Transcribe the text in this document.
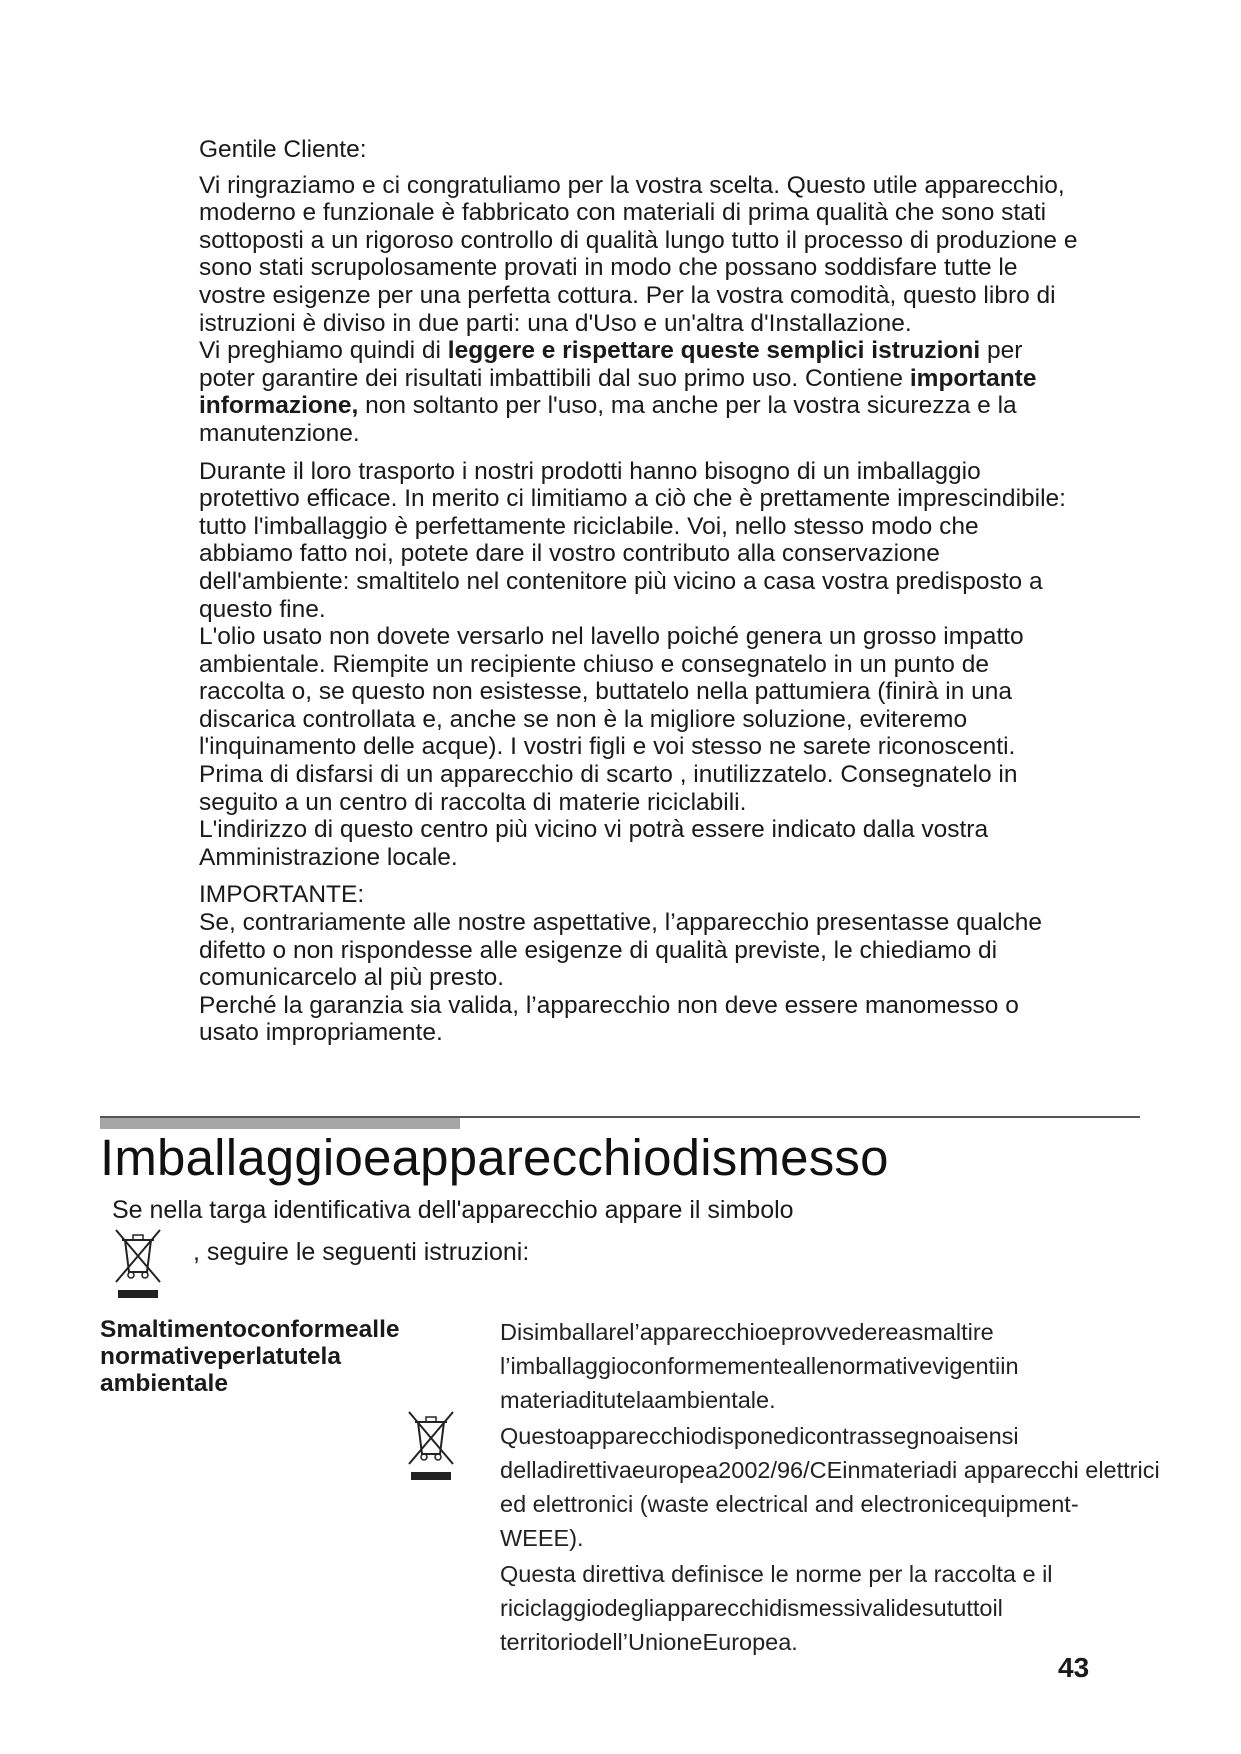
Gentile Cliente:

Vi ringraziamo e ci congratuliamo per la vostra scelta. Questo utile apparecchio, moderno e funzionale è fabbricato con materiali di prima qualità che sono stati sottoposti a un rigoroso controllo di qualità lungo tutto il processo di produzione e sono stati scrupolosamente provati in modo che possano soddisfare tutte le vostre esigenze per una perfetta cottura. Per la vostra comodità, questo libro di istruzioni è diviso in due parti: una d'Uso e un'altra d'Installazione.

Vi preghiamo quindi di leggere e rispettare queste semplici istruzioni per poter garantire dei risultati imbattibili dal suo primo uso. Contiene importante informazione, non soltanto per l'uso, ma anche per la vostra sicurezza e la manutenzione.

Durante il loro trasporto i nostri prodotti hanno bisogno di un imballaggio protettivo efficace. In merito ci limitiamo a ciò che è prettamente imprescindibile: tutto l'imballaggio è perfettamente riciclabile. Voi, nello stesso modo che abbiamo fatto noi, potete dare il vostro contributo alla conservazione dell'ambiente: smaltitelo nel contenitore più vicino a casa vostra predisposto a questo fine.

L'olio usato non dovete versarlo nel lavello poiché genera un grosso impatto ambientale. Riempite un recipiente chiuso e consegnatelo in un punto de raccolta o, se questo non esistesse, buttatelo nella pattumiera (finirà in una discarica controllata e, anche se non è la migliore soluzione, eviteremo l'inquinamento delle acque). I vostri figli e voi stesso ne sarete riconoscenti.

Prima di disfarsi di un apparecchio di scarto , inutilizzatelo. Consegnatelo in seguito a un centro di raccolta di materie riciclabili.

L'indirizzo di questo centro più vicino vi potrà essere indicato dalla vostra Amministrazione locale.

IMPORTANTE:

Se, contrariamente alle nostre aspettative, l’apparecchio presentasse qualche difetto o non rispondesse alle esigenze di qualità previste, le chiediamo di comunicarcelo al più presto.

Perché la garanzia sia valida, l’apparecchio non deve essere manomesso o usato impropriamente.

Imballaggioeapparecchiodismesso
Se nella targa identificativa dell'apparecchio appare il simbolo
, seguire le seguenti istruzioni:

Smaltimentoconformealle normativeperlatutela ambientale

Disimballarel’apparecchioeprovvedereasmaltire l’imballaggioconformementeallenormativevigentiin materiaditutelaambientale.

Questoapparecchiodisponedicontrassegnoaisensi delladirettivaeuropea2002/96/CEinmateriadi apparecchi elettrici ed elettronici (waste electrical and electronicequipment-WEEE).

Questa direttiva definisce le norme per la raccolta e il riciclaggiodegliapparecchidismessivalidesututtoil territoriodell’UnioneEuropea.

43
